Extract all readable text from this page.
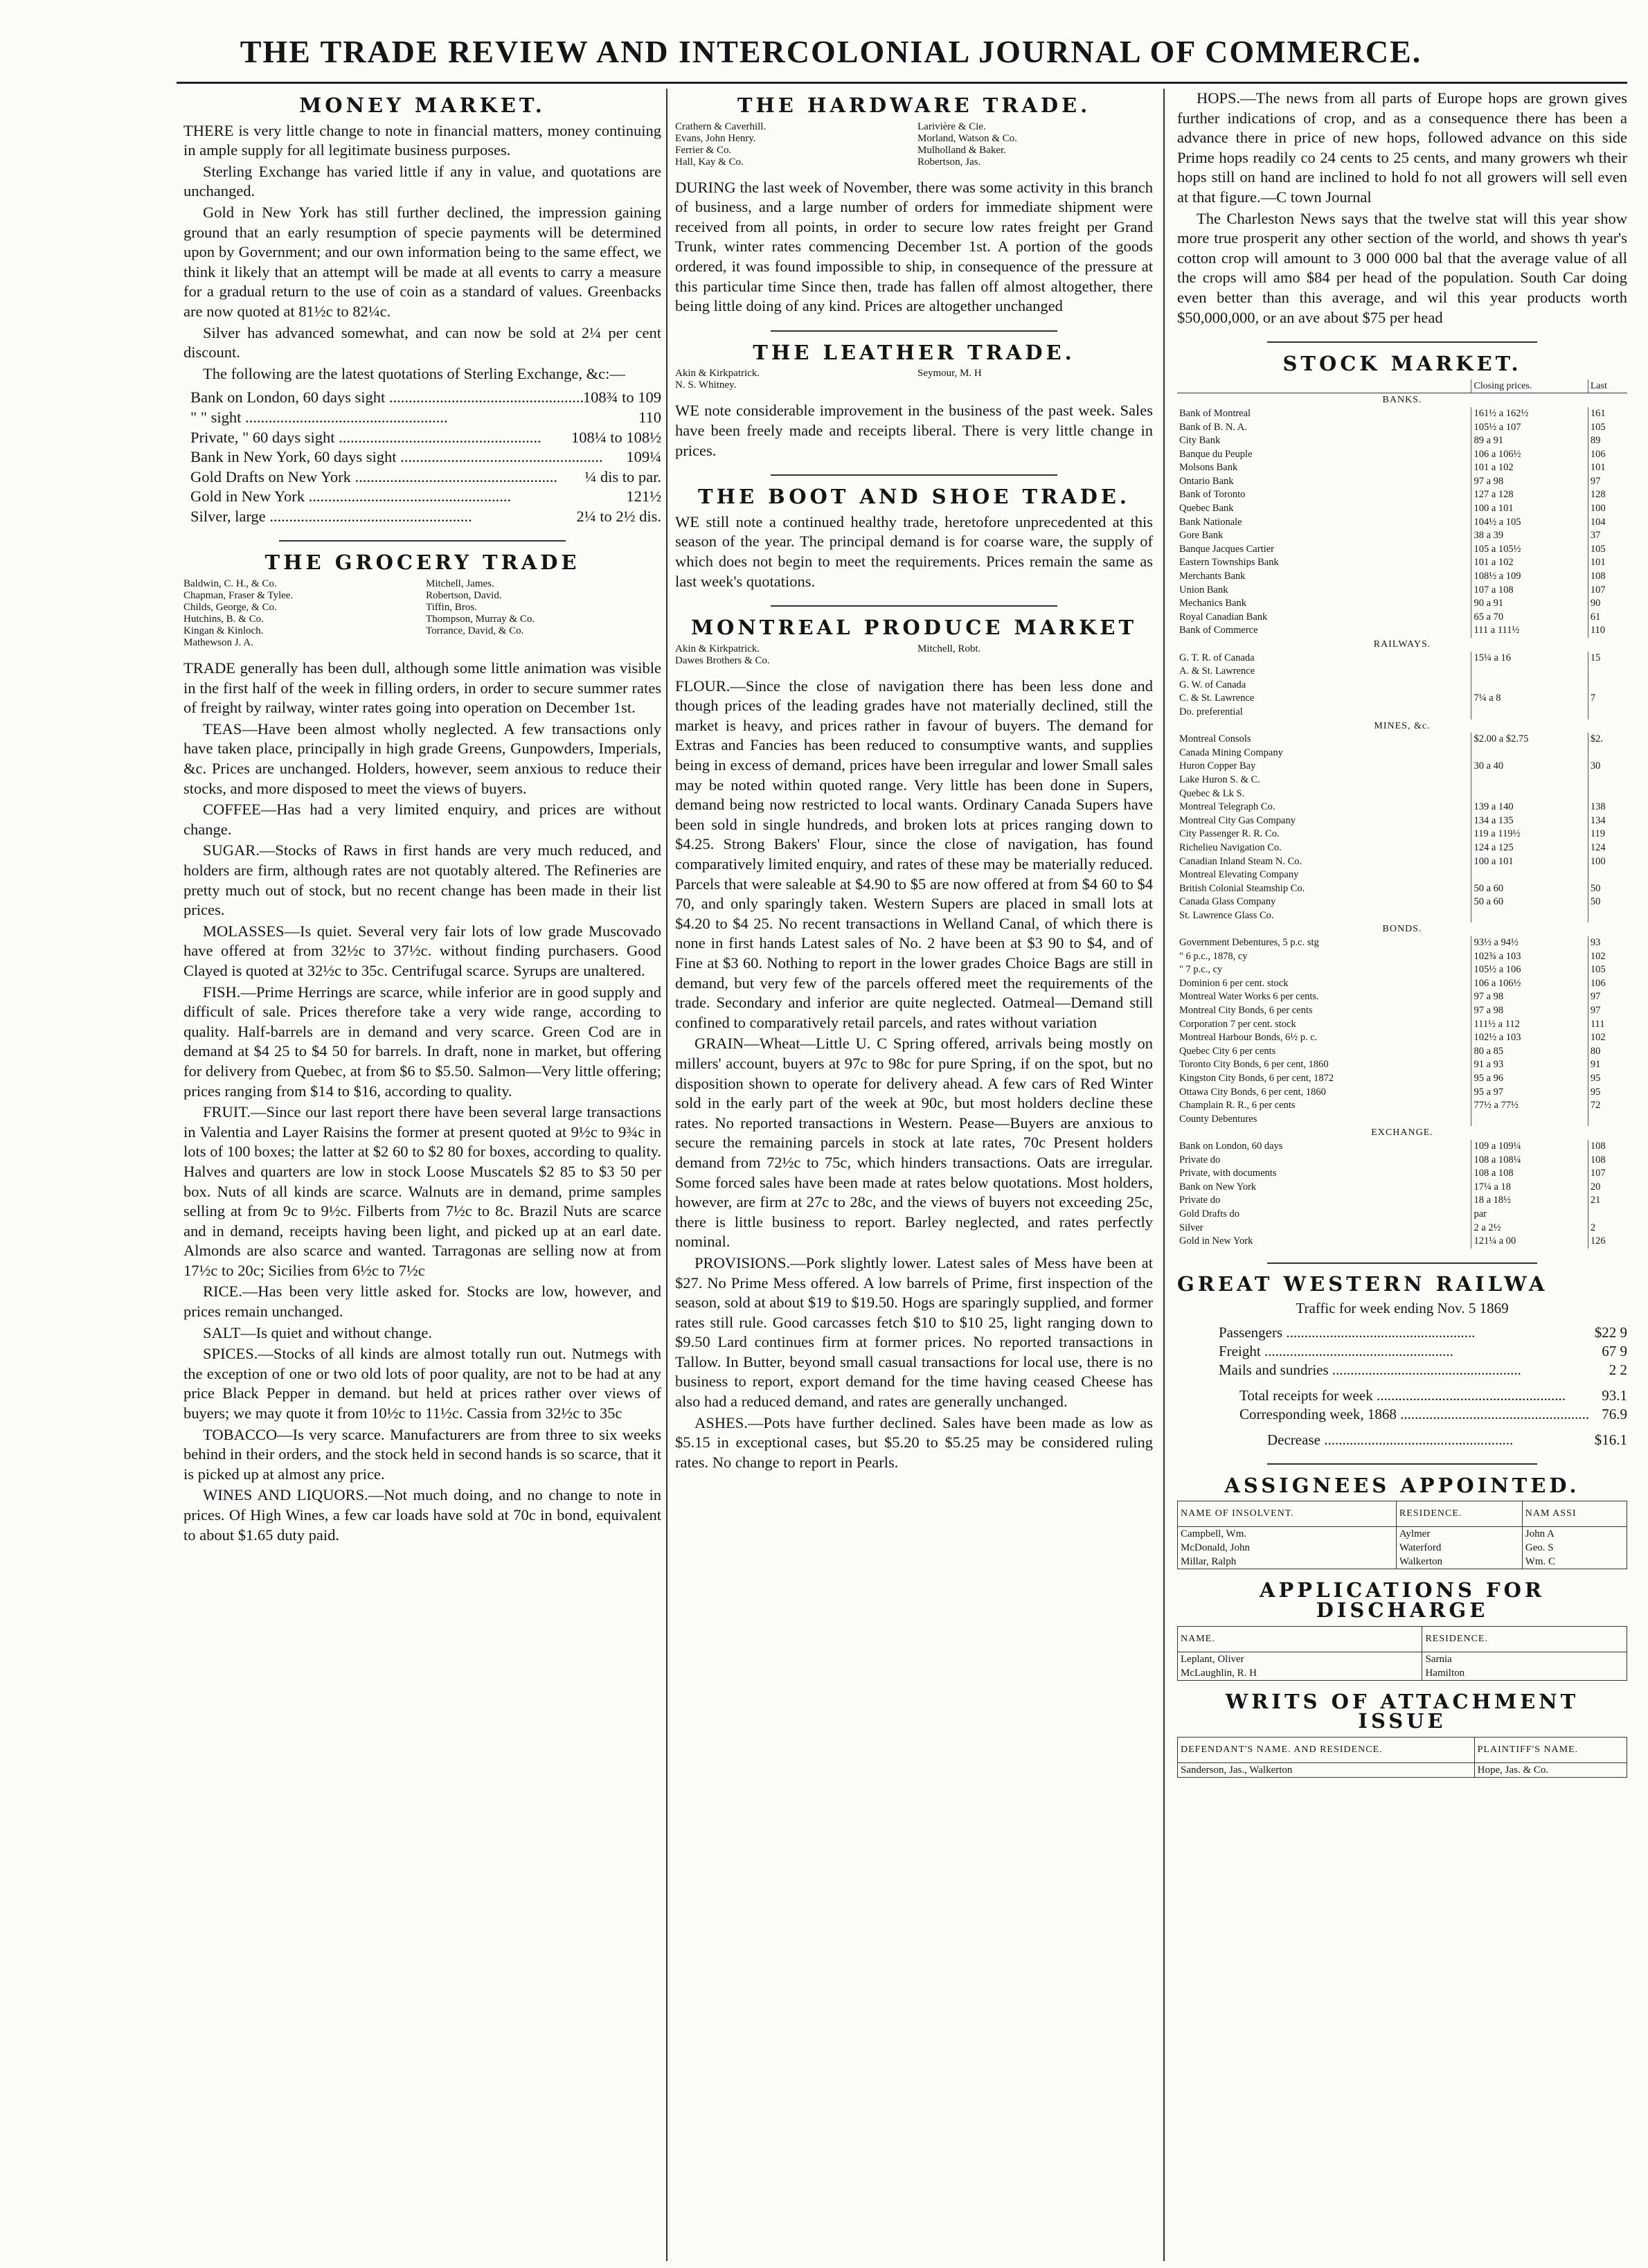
THE TRADE REVIEW AND INTERCOLONIAL JOURNAL OF COMMERCE.
MONEY MARKET.

THERE is very little change to note in financial matters, money continuing in ample supply for all legitimate business purposes.

Sterling Exchange has varied little if any in value, and quotations are unchanged.

Gold in New York has still further declined, the impression gaining ground that an early resumption of specie payments will be determined upon by Government; and our own information being to the same effect, we think it likely that an attempt will be made at all events to carry a measure for a gradual return to the use of coin as a standard of values. Greenbacks are now quoted at 81½c to 82¼c.

Silver has advanced somewhat, and can now be sold at 2¼ per cent discount.

The following are the latest quotations of Sterling Exchange, &c:—

Bank on London, 60 days sight .....	108¾ to 109
" " sight .....	110
Private, " 60 days sight .....	108¼ to 108½
Bank in New York, 60 days sight .....	109¼
Gold Drafts on New York .....	¼ dis to par.
Gold in New York .....	121½
Silver, large .....	2¼ to 2½ dis.
THE GROCERY TRADE
Baldwin, C. H., & Co.	Mitchell, James.
Chapman, Fraser & Tylee.	Robertson, David.
Childs, George, & Co.	Tiffin, Bros.
Hutchins, B. & Co.	Thompson, Murray & Co.
Kingan & Kinloch.	Torrance, David, & Co.
Mathewson J. A.

TRADE generally has been dull, although some little animation was visible in the first half of the week in filling orders, in order to secure summer rates of freight by railway, winter rates going into operation on December 1st.

TEAS—Have been almost wholly neglected. A few transactions only have taken place, principally in high grade Greens, Gunpowders, Imperials, &c. Prices are unchanged. Holders, however, seem anxious to reduce their stocks, and more disposed to meet the views of buyers.

COFFEE—Has had a very limited enquiry, and prices are without change.

SUGAR.—Stocks of Raws in first hands are very much reduced, and holders are firm, although rates are not quotably altered. The Refineries are pretty much out of stock, but no recent change has been made in their list prices.

MOLASSES—Is quiet. Several very fair lots of low grade Muscovado have offered at from 32½c to 37½c. without finding purchasers. Good Clayed is quoted at 32½c to 35c. Centrifugal scarce. Syrups are unaltered.

FISH.—Prime Herrings are scarce, while inferior are in good supply and difficult of sale. Prices therefore take a very wide range, according to quality. Half-barrels are in demand and very scarce. Green Cod are in demand at $4 25 to $4 50 for barrels. In draft, none in market, but offering for delivery from Quebec, at from $6 to $5.50. Salmon—Very little offering; prices ranging from $14 to $16, according to quality.

FRUIT.—Since our last report there have been several large transactions in Valentia and Layer Raisins the former at present quoted at 9½c to 9¾c in lots of 100 boxes; the latter at $2 60 to $2 80 for boxes, according to quality. Halves and quarters are low in stock Loose Muscatels $2 85 to $3 50 per box. Nuts of all kinds are scarce. Walnuts are in demand, prime samples selling at from 9c to 9½c. Filberts from 7½c to 8c. Brazil Nuts are scarce and in demand, receipts having been light, and picked up at an earl date. Almonds are also scarce and wanted. Tarragonas are selling now at from 17½c to 20c; Sicilies from 6½c to 7½c

RICE.—Has been very little asked for. Stocks are low, however, and prices remain unchanged.

SALT—Is quiet and without change.

SPICES.—Stocks of all kinds are almost totally run out. Nutmegs with the exception of one or two old lots of poor quality, are not to be had at any price Black Pepper in demand. but held at prices rather over views of buyers; we may quote it from 10½c to 11½c. Cassia from 32½c to 35c

TOBACCO—Is very scarce. Manufacturers are from three to six weeks behind in their orders, and the stock held in second hands is so scarce, that it is picked up at almost any price.

WINES AND LIQUORS.—Not much doing, and no change to note in prices. Of High Wines, a few car loads have sold at 70c in bond, equivalent to about $1.65 duty paid.

THE HARDWARE TRADE.
Crathern & Caverhill.	Larivière & Cie.
Evans, John Henry.	Morland, Watson & Co.
Ferrier & Co.	Mulholland & Baker.
Hall, Kay & Co.	Robertson, Jas.

DURING the last week of November, there was some activity in this branch of business, and a large number of orders for immediate shipment were received from all points, in order to secure low rates freight per Grand Trunk, winter rates commencing December 1st. A portion of the goods ordered, it was found impossible to ship, in consequence of the pressure at this particular time Since then, trade has fallen off almost altogether, there being little doing of any kind. Prices are altogether unchanged

THE LEATHER TRADE.
Akin & Kirkpatrick.	Seymour, M. H
N. S. Whitney.

WE note considerable improvement in the business of the past week. Sales have been freely made and receipts liberal. There is very little change in prices.

THE BOOT AND SHOE TRADE.

WE still note a continued healthy trade, heretofore unprecedented at this season of the year. The principal demand is for coarse ware, the supply of which does not begin to meet the requirements. Prices remain the same as last week's quotations.

MONTREAL PRODUCE MARKET
Akin & Kirkpatrick.	Mitchell, Robt.
Dawes Brothers & Co.

FLOUR.—Since the close of navigation there has been less done and though prices of the leading grades have not materially declined, still the market is heavy, and prices rather in favour of buyers. The demand for Extras and Fancies has been reduced to consumptive wants, and supplies being in excess of demand, prices have been irregular and lower Small sales may be noted within quoted range. Very little has been done in Supers, demand being now restricted to local wants. Ordinary Canada Supers have been sold in single hundreds, and broken lots at prices ranging down to $4.25. Strong Bakers' Flour, since the close of navigation, has found comparatively limited enquiry, and rates of these may be materially reduced. Parcels that were saleable at $4.90 to $5 are now offered at from $4 60 to $4 70, and only sparingly taken. Western Supers are placed in small lots at $4.20 to $4 25. No recent transactions in Welland Canal, of which there is none in first hands Latest sales of No. 2 have been at $3 90 to $4, and of Fine at $3 60. Nothing to report in the lower grades Choice Bags are still in demand, but very few of the parcels offered meet the requirements of the trade. Secondary and inferior are quite neglected. Oatmeal—Demand still confined to comparatively retail parcels, and rates without variation

GRAIN—Wheat—Little U. C Spring offered, arrivals being mostly on millers' account, buyers at 97c to 98c for pure Spring, if on the spot, but no disposition shown to operate for delivery ahead. A few cars of Red Winter sold in the early part of the week at 90c, but most holders decline these rates. No reported transactions in Western. Pease—Buyers are anxious to secure the remaining parcels in stock at late rates, 70c Present holders demand from 72½c to 75c, which hinders transactions. Oats are irregular. Some forced sales have been made at rates below quotations. Most holders, however, are firm at 27c to 28c, and the views of buyers not exceeding 25c, there is little business to report. Barley neglected, and rates perfectly nominal.

PROVISIONS.—Pork slightly lower. Latest sales of Mess have been at $27. No Prime Mess offered. A low barrels of Prime, first inspection of the season, sold at about $19 to $19.50. Hogs are sparingly supplied, and former rates still rule. Good carcasses fetch $10 to $10 25, light ranging down to $9.50 Lard continues firm at former prices. No reported transactions in Tallow. In Butter, beyond small casual transactions for local use, there is no business to report, export demand for the time having ceased Cheese has also had a reduced demand, and rates are generally unchanged.

ASHES.—Pots have further declined. Sales have been made as low as $5.15 in exceptional cases, but $5.20 to $5.25 may be considered ruling rates. No change to report in Pearls.

HOPS.—The news from all parts of Europe hops are grown gives further indications of crop, and as a consequence there has been a advance there in price of new hops, followed advance on this side Prime hops readily co 24 cents to 25 cents, and many growers wh their hops still on hand are inclined to hold fo not all growers will sell even at that figure.—C town Journal

The Charleston News says that the twelve stat will this year show more true prosperit any other section of the world, and shows th year's cotton crop will amount to 3 000 000 bal that the average value of all the crops will amo $84 per head of the population. South Car doing even better than this average, and wil this year products worth $50,000,000, or an ave about $75 per head

STOCK MARKET.
	Closing prices.	Last
BANKS.		
Bank of Montreal	161½ a 162½	161
Bank of B. N. A.	105½ a 107	105
City Bank	89 a 91	89
Banque du Peuple	106 a 106½	106
Molsons Bank	101 a 102	101
Ontario Bank	97 a 98	97
Bank of Toronto	127 a 128	128
Quebec Bank	100 a 101	100
Bank Nationale	104½ a 105	104
Gore Bank	38 a 39	37
Banque Jacques Cartier	105 a 105½	105
Eastern Townships Bank	101 a 102	101
Merchants Bank	108½ a 109	108
Union Bank	107 a 108	107
Mechanics Bank	90 a 91	90
Royal Canadian Bank	65 a 70	61
Bank of Commerce	111 a 111½	110
RAILWAYS.		
G. T. R. of Canada	15¼ a 16	15
A. & St. Lawrence		
G. W. of Canada		
C. & St. Lawrence	7¼ a 8	7
Do. preferential		
MINES, &c.		
Montreal Consols	$2.00 a $2.75	$2.
Canada Mining Company		
Huron Copper Bay	30 a 40	30
Lake Huron S. & C.		
Quebec & Lk S.		
Montreal Telegraph Co.	139 a 140	138
Montreal City Gas Company	134 a 135	134
City Passenger R. R. Co.	119 a 119½	119
Richelieu Navigation Co.	124 a 125	124
Canadian Inland Steam N. Co.	100 a 101	100
Montreal Elevating Company		
British Colonial Steamship Co.	50 a 60	50
Canada Glass Company	50 a 60	50
St. Lawrence Glass Co.		
BONDS.		
Government Debentures, 5 p.c. stg	93½ a 94½	93
" 6 p.c., 1878, cy	102¾ a 103	102
" 7 p.c., cy	105½ a 106	105
Dominion 6 per cent. stock	106 a 106½	106
Montreal Water Works 6 per cents.	97 a 98	97
Montreal City Bonds, 6 per cents	97 a 98	97
Corporation 7 per cent. stock	111½ a 112	111
Montreal Harbour Bonds, 6½ p. c.	102½ a 103	102
Quebec City 6 per cents	80 a 85	80
Toronto City Bonds, 6 per cent, 1860	91 a 93	91
Kingston City Bonds, 6 per cent, 1872	95 a 96	95
Ottawa City Bonds, 6 per cent, 1860	95 a 97	95
Champlain R. R., 6 per cents	77½ a 77½	72
County Debentures		
EXCHANGE.		
Bank on London, 60 days	109 a 109¼	108
Private do	108 a 108¼	108
Private, with documents	108 a 108	107
Bank on New York	17¼ a 18	20
Private do	18 a 18½	21
Gold Drafts do	par	
Silver	2 a 2½	2
Gold in New York	121¼ a 00	126
GREAT WESTERN RAILWA
Traffic for week ending Nov. 5 1869
Passengers .....	$22 9
Freight .....	67 9
Mails and sundries .....	2 2
Total receipts for week .....	93.1
Corresponding week, 1868 .....	76.9
Decrease .....	$16.1
ASSIGNEES APPOINTED.
NAME OF INSOLVENT.	RESIDENCE.	NAM ASSI
Campbell, Wm.	Aylmer	John A
McDonald, John	Waterford	Geo. S
Millar, Ralph	Walkerton	Wm. C
APPLICATIONS FOR DISCHARGE
NAME.	RESIDENCE.
Leplant, Oliver	Sarnia
McLaughlin, R. H	Hamilton
WRITS OF ATTACHMENT ISSUE
DEFENDANT'S NAME. AND RESIDENCE.	PLAINTIFF'S NAME.
Sanderson, Jas., Walkerton	Hope, Jas. & Co.
